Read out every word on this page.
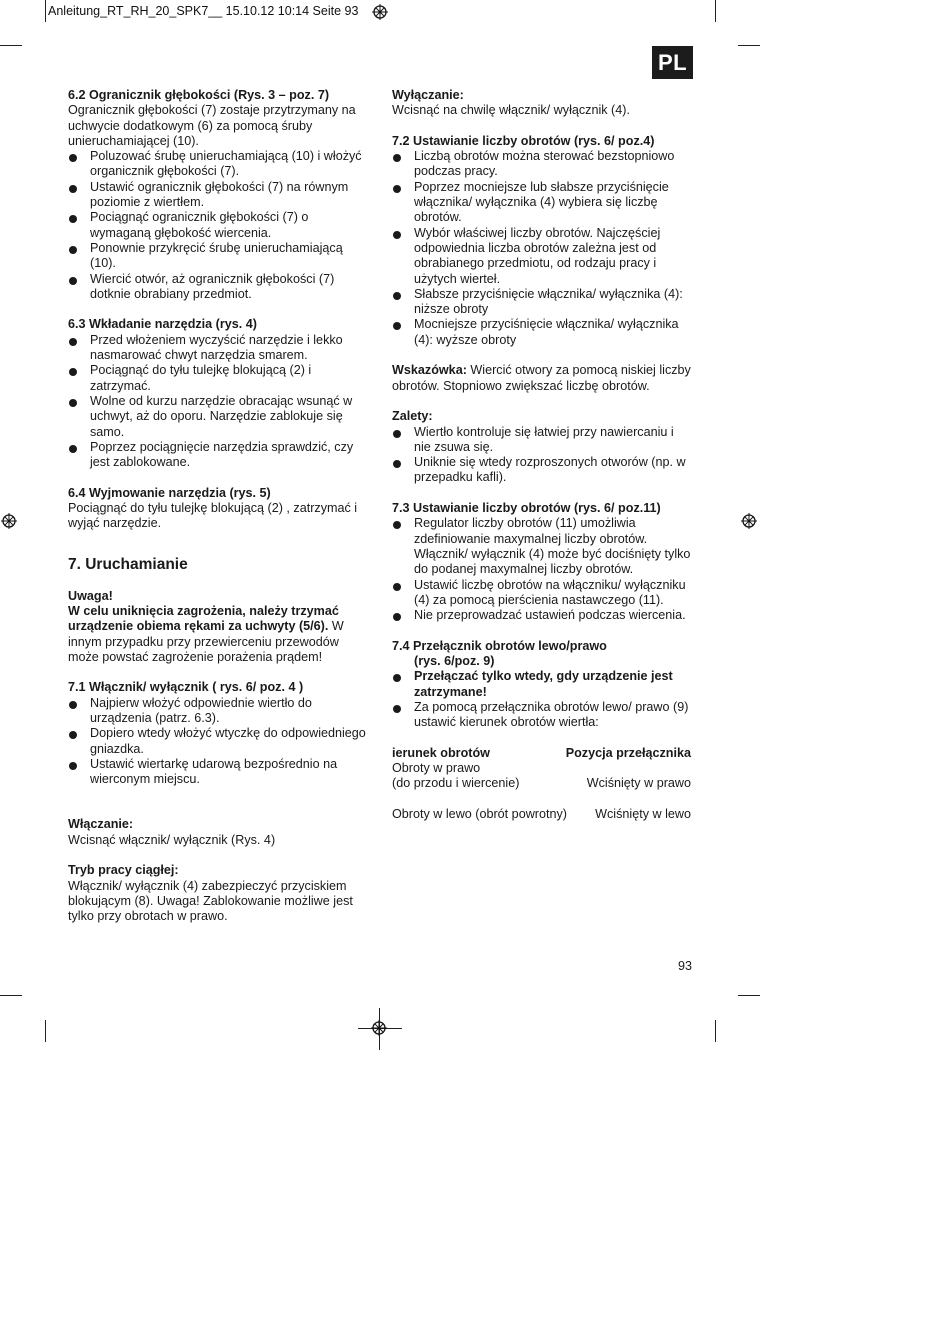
Anleitung_RT_RH_20_SPK7__ 15.10.12 10:14 Seite 93
PL

6.2 Ogranicznik głębokości (Rys. 3 – poz. 7)

Ogranicznik głębokości (7) zostaje przytrzymany na

uchwycie dodatkowym (6) za pomocą śruby

unieruchamiającej (10).

Poluzować śrubę unieruchamiającą (10) i włożyć
organicznik głębokości (7).
Ustawić ogranicznik głębokości (7) na równym
poziomie z wiertłem.
Pociągnąć ogranicznik głębokości (7) o
wymaganą głębokość wiercenia.
Ponownie przykręcić śrubę unieruchamiającą
(10).
Wiercić otwór, aż ogranicznik głębokości (7)
dotknie obrabiany przedmiot.

6.3 Wkładanie narzędzia (rys. 4)

Przed włożeniem wyczyścić narzędzie i lekko
nasmarować chwyt narzędzia smarem.
Pociągnąć do tyłu tulejkę blokującą (2) i
zatrzymać.
Wolne od kurzu narzędzie obracając wsunąć w
uchwyt, aż do oporu. Narzędzie zablokuje się
samo.
Poprzez pociągnięcie narzędzia sprawdzić, czy
jest zablokowane.

6.4 Wyjmowanie narzędzia (rys. 5)

Pociągnąć do tyłu tulejkę blokującą (2) , zatrzymać i

wyjąć narzędzie.

7. Uruchamianie

Uwaga!

W celu uniknięcia zagrożenia, należy trzymać

urządzenie obiema rękami za uchwyty (5/6). W

innym przypadku przy przewierceniu przewodów

może powstać zagrożenie porażenia prądem!

7.1 Włącznik/ wyłącznik ( rys. 6/ poz. 4 )

Najpierw włożyć odpowiednie wiertło do
urządzenia (patrz. 6.3).
Dopiero wtedy włożyć wtyczkę do odpowiedniego
gniazdka.
Ustawić wiertarkę udarową bezpośrednio na
wierconym miejscu.

Włączanie:

Wcisnąć włącznik/ wyłącznik (Rys. 4)

Tryb pracy ciągłej:

Włącznik/ wyłącznik (4) zabezpieczyć przyciskiem

blokującym (8). Uwaga! Zablokowanie możliwe jest

tylko przy obrotach w prawo.

Wyłączanie:

Wcisnąć na chwilę włącznik/ wyłącznik (4).

7.2 Ustawianie liczby obrotów (rys. 6/ poz.4)

Liczbą obrotów można sterować bezstopniowo
podczas pracy.
Poprzez mocniejsze lub słabsze przyciśnięcie
włącznika/ wyłącznika (4) wybiera się liczbę
obrotów.
Wybór właściwej liczby obrotów. Najczęściej
odpowiednia liczba obrotów zależna jest od
obrabianego przedmiotu, od rodzaju pracy i
użytych wierteł.
Słabsze przyciśnięcie włącznika/ wyłącznika (4):
niższe obroty
Mocniejsze przyciśnięcie włącznika/ wyłącznika
(4): wyższe obroty

Wskazówka: Wiercić otwory za pomocą niskiej liczby

obrotów. Stopniowo zwiększać liczbę obrotów.

Zalety:

Wiertło kontroluje się łatwiej przy nawiercaniu i
nie zsuwa się.
Uniknie się wtedy rozproszonych otworów (np. w
przepadku kafli).

7.3 Ustawianie liczby obrotów (rys. 6/ poz.11)

Regulator liczby obrotów (11) umożliwia
zdefiniowanie maxymalnej liczby obrotów.
Włącznik/ wyłącznik (4) może być dociśnięty tylko
do podanej maxymalnej liczby obrotów.
Ustawić liczbę obrotów na włączniku/ wyłączniku
(4) za pomocą pierścienia nastawczego (11).
Nie przeprowadzać ustawień podczas wiercenia.

7.4 Przełącznik obrotów lewo/prawo

(rys. 6/poz. 9)

Przełączać tylko wtedy, gdy urządzenie jest
zatrzymane!
Za pomocą przełącznika obrotów lewo/ prawo (9)
ustawić kierunek obrotów wiertła:
ierunek obrotów	Pozycja przełącznika
Obroty w prawo
(do przodu i wiercenie)	Wciśnięty w prawo
Obroty w lewo (obrót powrotny) Wciśnięty w lewo
93
